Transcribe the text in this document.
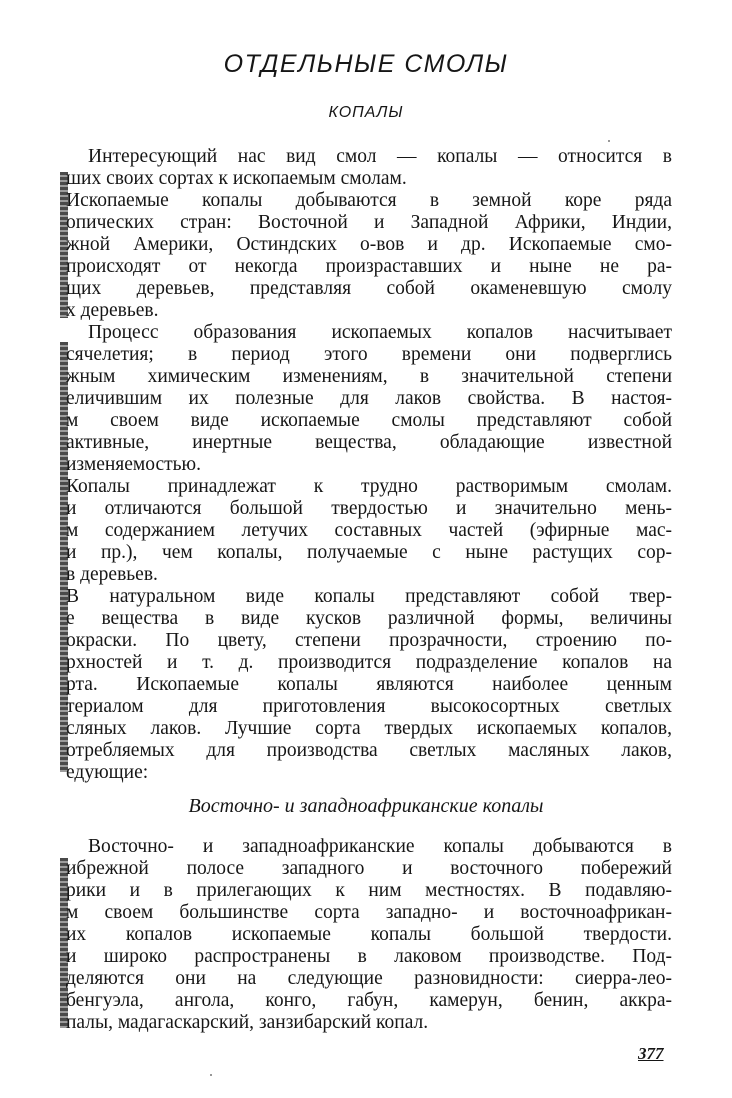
ОТДЕЛЬНЫЕ СМОЛЫ
КОПАЛЫ
Интересующий нас вид смол — копалы — относится в
ших своих сортах к ископаемым смолам.
Ископаемые копалы добываются в земной коре ряда
опических стран: Восточной и Западной Африки, Индии,
жной Америки, Остиндских о-вов и др. Ископаемые смо-
происходят от некогда произраставших и ныне не ра-
щих деревьев, представляя собой окаменевшую смолу
х деревьев.
Процесс образования ископаемых копалов насчитывает
сячелетия; в период этого времени они подверглись
жным химическим изменениям, в значительной степени
еличившим их полезные для лаков свойства. В настоя-
м своем виде ископаемые смолы представляют собой
активные, инертные вещества, обладающие известной
изменяемостью.
Копалы принадлежат к трудно растворимым смолам.
и отличаются большой твердостью и значительно мень-
м содержанием летучих составных частей (эфирные мас-
и пр.), чем копалы, получаемые с ныне растущих сор-
в деревьев.
В натуральном виде копалы представляют собой твер-
е вещества в виде кусков различной формы, величины
окраски. По цвету, степени прозрачности, строению по-
рхностей и т. д. производится подразделение копалов на
рта. Ископаемые копалы являются наиболее ценным
териалом для приготовления высокосортных светлых
сляных лаков. Лучшие сорта твердых ископаемых копалов,
отребляемых для производства светлых масляных лаков,
едующие:
Восточно- и западноафриканские копалы
Восточно- и западноафриканские копалы добываются в
ибрежной полосе западного и восточного побережий
рики и в прилегающих к ним местностях. В подавляю-
м своем большинстве сорта западно- и восточноафрикан-
их копалов ископаемые копалы большой твердости.
и широко распространены в лаковом производстве. Под-
деляются они на следующие разновидности: сиерра-лео-
бенгуэла, ангола, конго, габун, камерун, бенин, аккра-
палы, мадагаскарский, занзибарский копал.
377
